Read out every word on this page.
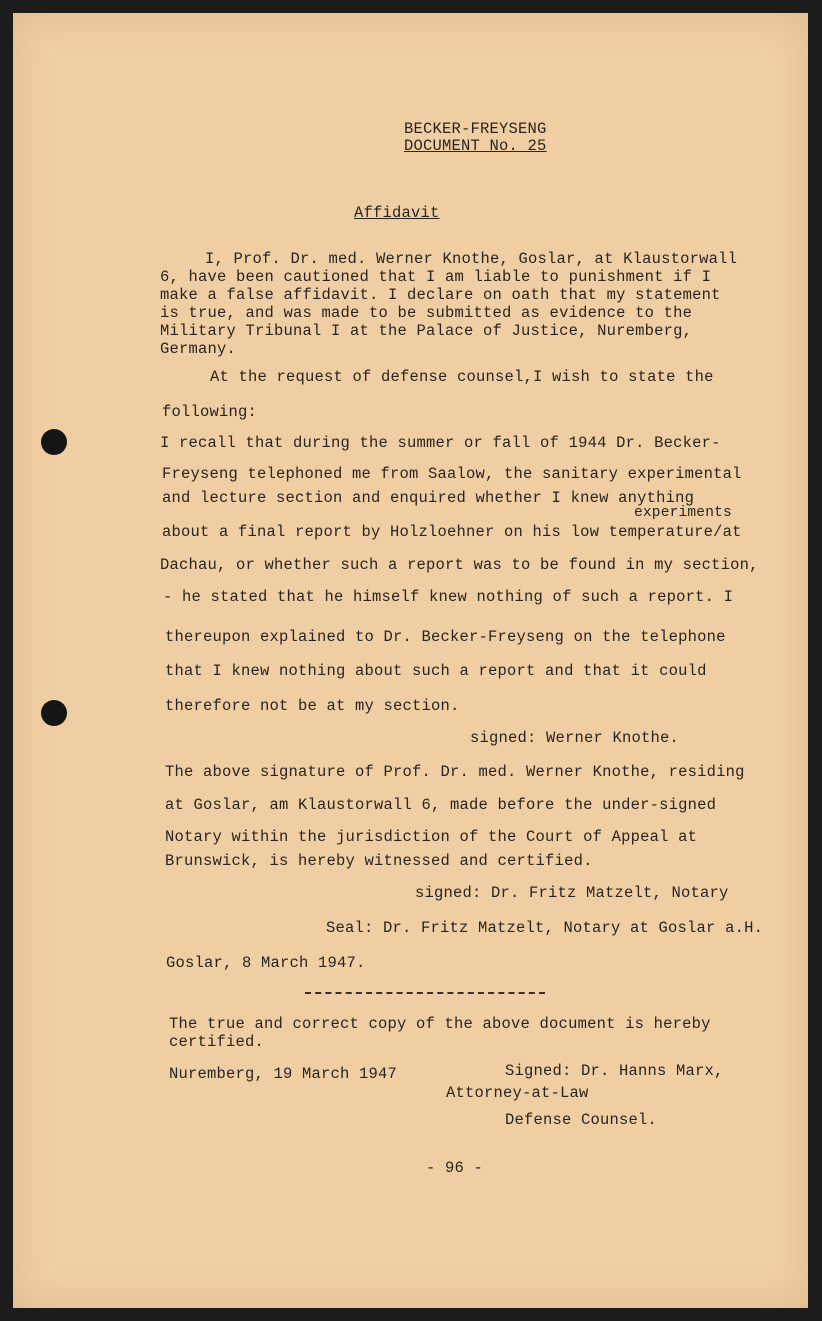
BECKER-FREYSENG
DOCUMENT No. 25
Affidavit
I, Prof. Dr. med. Werner Knothe, Goslar, at Klaustorwall
6, have been cautioned that I am liable to punishment if I
make a false affidavit. I declare on oath that my statement
is true, and was made to be submitted as evidence to the
Military Tribunal I at the Palace of Justice, Nuremberg,
Germany.
At the request of defense counsel,I wish to state the
following:
I recall that during the summer or fall of 1944 Dr. Becker-
Freyseng telephoned me from Saalow, the sanitary experimental
and lecture section and enquired whether I knew anything
experiments
about a final report by Holzloehner on his low temperature/at
Dachau, or whether such a report was to be found in my section,
- he stated that he himself knew nothing of such a report. I
thereupon explained to Dr. Becker-Freyseng on the telephone
that I knew nothing about such a report and that it could
therefore not be at my section.
signed: Werner Knothe.
The above signature of Prof. Dr. med. Werner Knothe, residing
at Goslar, am Klaustorwall 6, made before the under-signed
Notary within the jurisdiction of the Court of Appeal at
Brunswick, is hereby witnessed and certified.
signed: Dr. Fritz Matzelt, Notary
Seal: Dr. Fritz Matzelt, Notary at Goslar a.H.
Goslar, 8 March 1947.
The true and correct copy of the above document is hereby
certified.
Nuremberg, 19 March 1947	Signed: Dr. Hanns Marx,
Attorney-at-Law
Defense Counsel.
- 96 -
